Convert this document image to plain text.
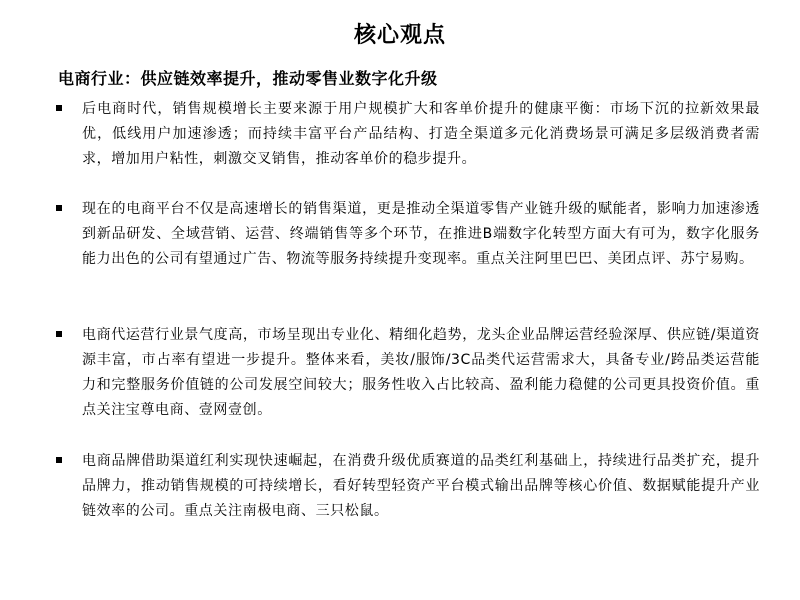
核心观点
电商行业：供应链效率提升，推动零售业数字化升级
后电商时代，销售规模增长主要来源于用户规模扩大和客单价提升的健康平衡：市场下沉的拉新效果最优，低线用户加速渗透；而持续丰富平台产品结构、打造全渠道多元化消费场景可满足多层级消费者需求，增加用户粘性，刺激交叉销售，推动客单价的稳步提升。
现在的电商平台不仅是高速增长的销售渠道，更是推动全渠道零售产业链升级的赋能者，影响力加速渗透到新品研发、全域营销、运营、终端销售等多个环节，在推进B端数字化转型方面大有可为，数字化服务能力出色的公司有望通过广告、物流等服务持续提升变现率。重点关注阿里巴巴、美团点评、苏宁易购。
电商代运营行业景气度高，市场呈现出专业化、精细化趋势，龙头企业品牌运营经验深厚、供应链/渠道资源丰富，市占率有望进一步提升。整体来看，美妆/服饰/3C品类代运营需求大，具备专业/跨品类运营能力和完整服务价值链的公司发展空间较大；服务性收入占比较高、盈利能力稳健的公司更具投资价值。重点关注宝尊电商、壹网壹创。
电商品牌借助渠道红利实现快速崛起，在消费升级优质赛道的品类红利基础上，持续进行品类扩充，提升品牌力，推动销售规模的可持续增长，看好转型轻资产平台模式输出品牌等核心价值、数据赋能提升产业链效率的公司。重点关注南极电商、三只松鼠。
